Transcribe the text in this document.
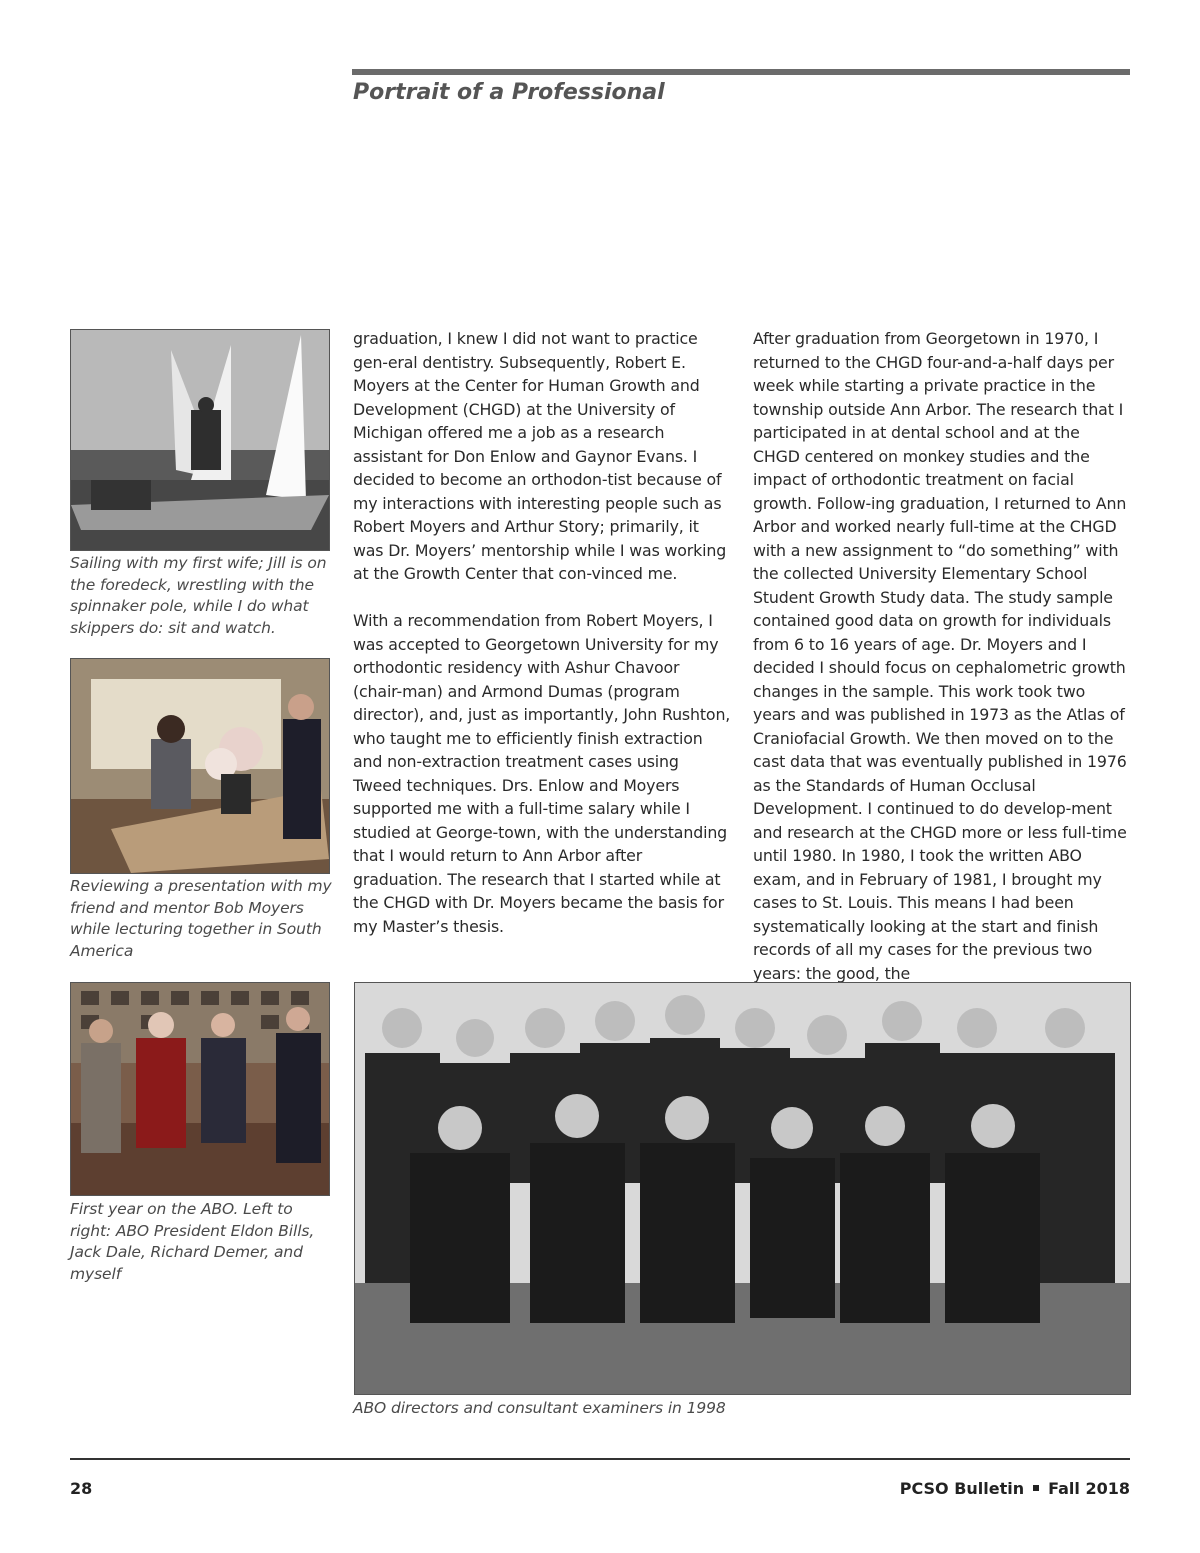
Portrait of a Professional

Sailing with my first wife; Jill is on the foredeck, wrestling with the spinnaker pole, while I do what skippers do: sit and watch.

Reviewing a presentation with my friend and mentor Bob Moyers while lecturing together in South America

First year on the ABO. Left to right: ABO President Eldon Bills, Jack Dale, Richard Demer, and myself

graduation, I knew I did not want to practice gen-eral dentistry. Subsequently, Robert E. Moyers at the Center for Human Growth and Development (CHGD) at the University of Michigan offered me a job as a research assistant for Don Enlow and Gaynor Evans. I decided to become an orthodon-tist because of my interactions with interesting people such as Robert Moyers and Arthur Story; primarily, it was Dr. Moyers’ mentorship while I was working at the Growth Center that con-vinced me.

With a recommendation from Robert Moyers, I was accepted to Georgetown University for my orthodontic residency with Ashur Chavoor (chair-man) and Armond Dumas (program director), and, just as importantly, John Rushton, who taught me to efficiently finish extraction and non-extraction treatment cases using Tweed techniques. Drs. Enlow and Moyers supported me with a full-time salary while I studied at George-town, with the understanding that I would return to Ann Arbor after graduation. The research that I started while at the CHGD with Dr. Moyers became the basis for my Master’s thesis.

After graduation from Georgetown in 1970, I returned to the CHGD four-and-a-half days per week while starting a private practice in the township outside Ann Arbor. The research that I participated in at dental school and at the CHGD centered on monkey studies and the impact of orthodontic treatment on facial growth. Follow-ing graduation, I returned to Ann Arbor and worked nearly full-time at the CHGD with a new assignment to “do something” with the collected University Elementary School Student Growth Study data. The study sample contained good data on growth for individuals from 6 to 16 years of age. Dr. Moyers and I decided I should focus on cephalometric growth changes in the sample. This work took two years and was published in 1973 as the Atlas of Craniofacial Growth. We then moved on to the cast data that was eventually published in 1976 as the Standards of Human Occlusal Development. I continued to do develop-ment and research at the CHGD more or less full-time until 1980. In 1980, I took the written ABO exam, and in February of 1981, I brought my cases to St. Louis. This means I had been systematically looking at the start and finish records of all my cases for the previous two years: the good, the

ABO directors and consultant examiners in 1998

28	PCSO Bulletin Fall 2018
